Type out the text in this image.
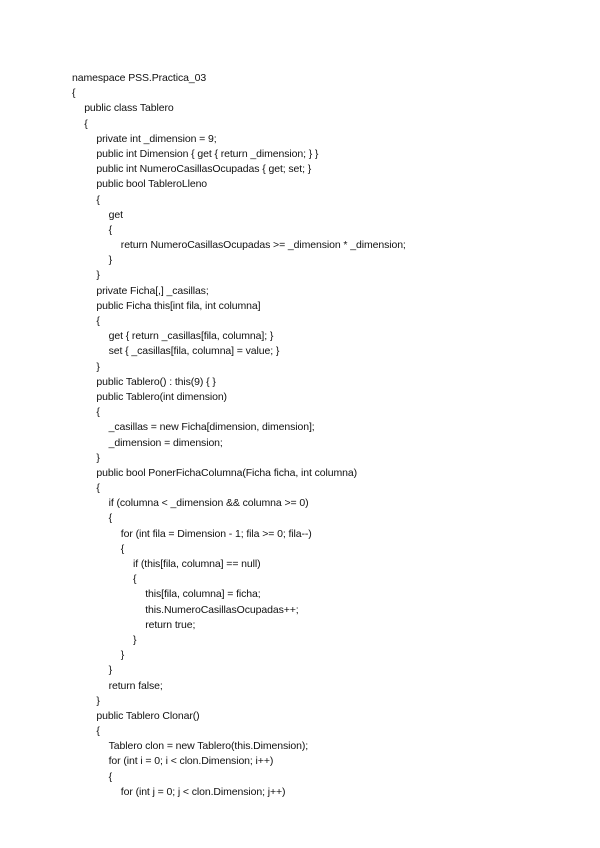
namespace PSS.Practica_03
{
public class Tablero
{
private int _dimension = 9;
public int Dimension { get { return _dimension; } }
public int NumeroCasillasOcupadas { get; set; }
public bool TableroLleno
{
get
{
return NumeroCasillasOcupadas >= _dimension * _dimension;
}
}
private Ficha[,] _casillas;
public Ficha this[int fila, int columna]
{
get { return _casillas[fila, columna]; }
set { _casillas[fila, columna] = value; }
}
public Tablero() : this(9) { }
public Tablero(int dimension)
{
_casillas = new Ficha[dimension, dimension];
_dimension = dimension;
}
public bool PonerFichaColumna(Ficha ficha, int columna)
{
if (columna < _dimension && columna >= 0)
{
for (int fila = Dimension - 1; fila >= 0; fila--)
{
if (this[fila, columna] == null)
{
this[fila, columna] = ficha;
this.NumeroCasillasOcupadas++;
return true;
}
}
}
return false;
}
public Tablero Clonar()
{
Tablero clon = new Tablero(this.Dimension);
for (int i = 0; i < clon.Dimension; i++)
{
for (int j = 0; j < clon.Dimension; j++)
